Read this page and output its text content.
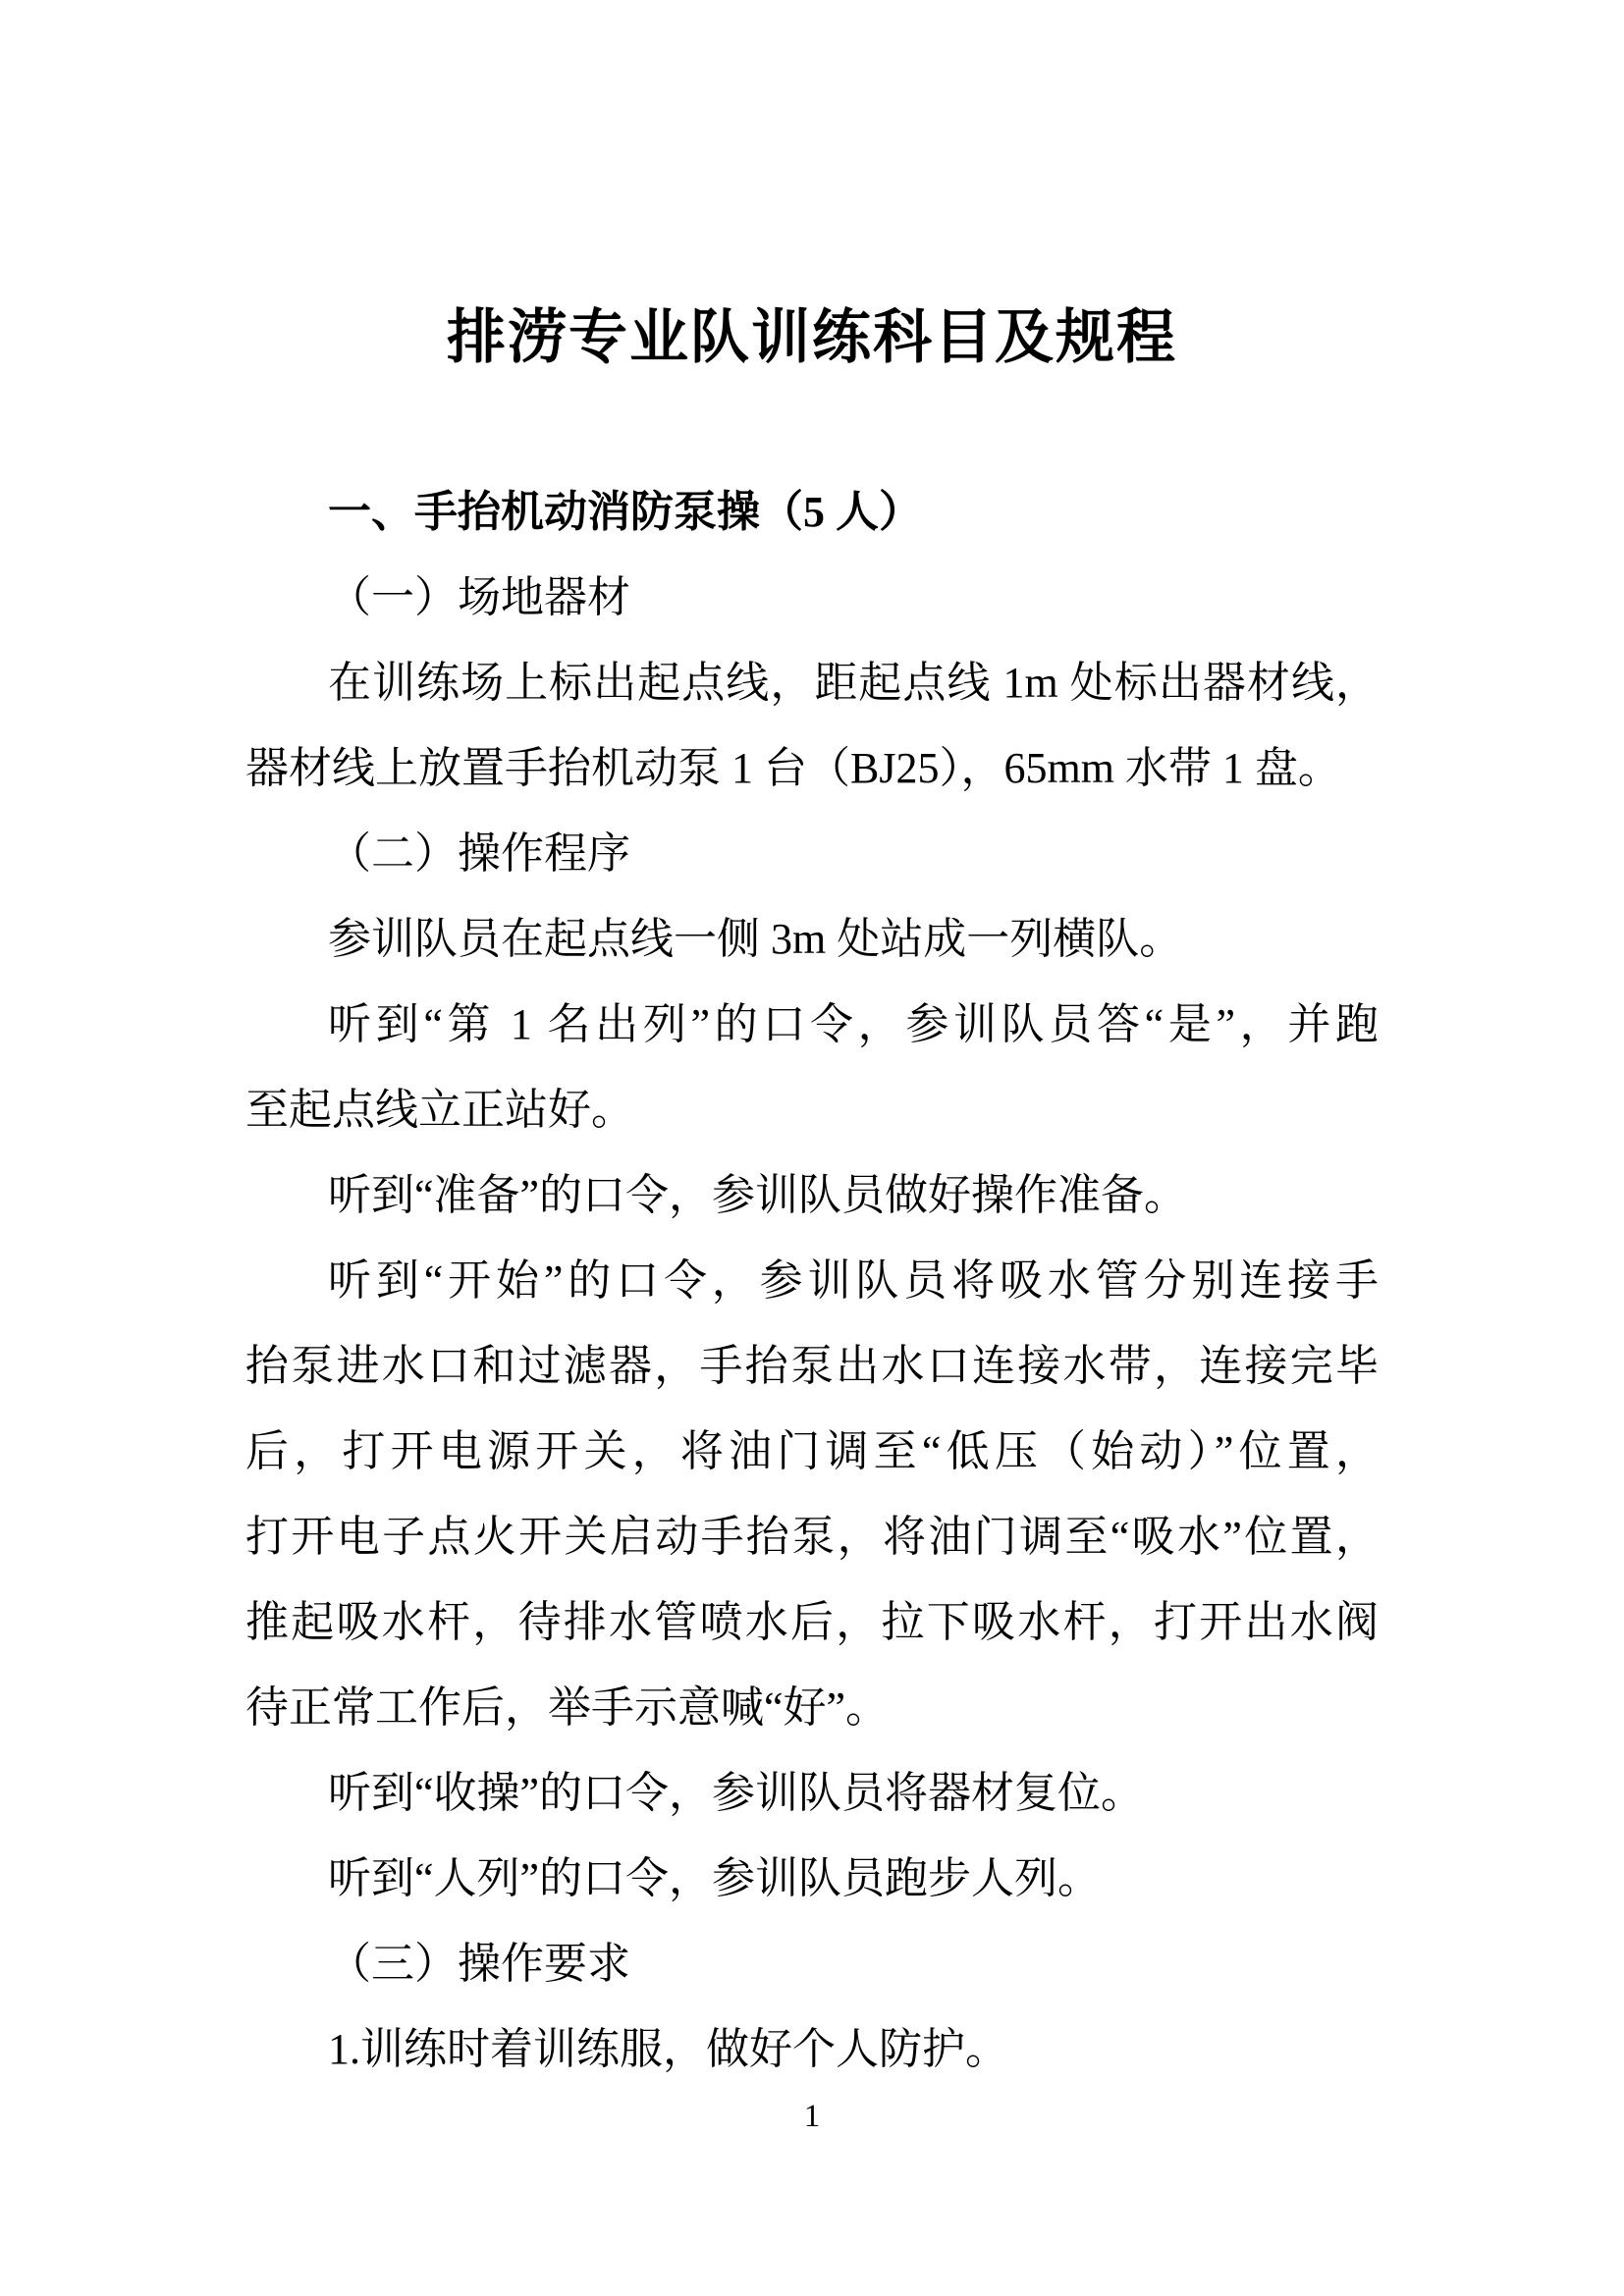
排涝专业队训练科目及规程
一、手抬机动消防泵操（5 人）
（一）场地器材
在训练场上标出起点线，距起点线 1m 处标出器材线，
器材线上放置手抬机动泵 1 台（BJ25），65mm 水带 1 盘。
（二）操作程序
参训队员在起点线一侧 3m 处站成一列横队。
听到“第 1 名出列”的口令，参训队员答“是”，并跑
至起点线立正站好。
听到“准备”的口令，参训队员做好操作准备。
听到“开始”的口令，参训队员将吸水管分别连接手
抬泵进水口和过滤器，手抬泵出水口连接水带，连接完毕
后，打开电源开关，将油门调至“低压（始动）”位置，
打开电子点火开关启动手抬泵，将油门调至“吸水”位置，
推起吸水杆，待排水管喷水后，拉下吸水杆，打开出水阀
待正常工作后，举手示意喊“好”。
听到“收操”的口令，参训队员将器材复位。
听到“人列”的口令，参训队员跑步人列。
（三）操作要求
1.训练时着训练服，做好个人防护。
1
